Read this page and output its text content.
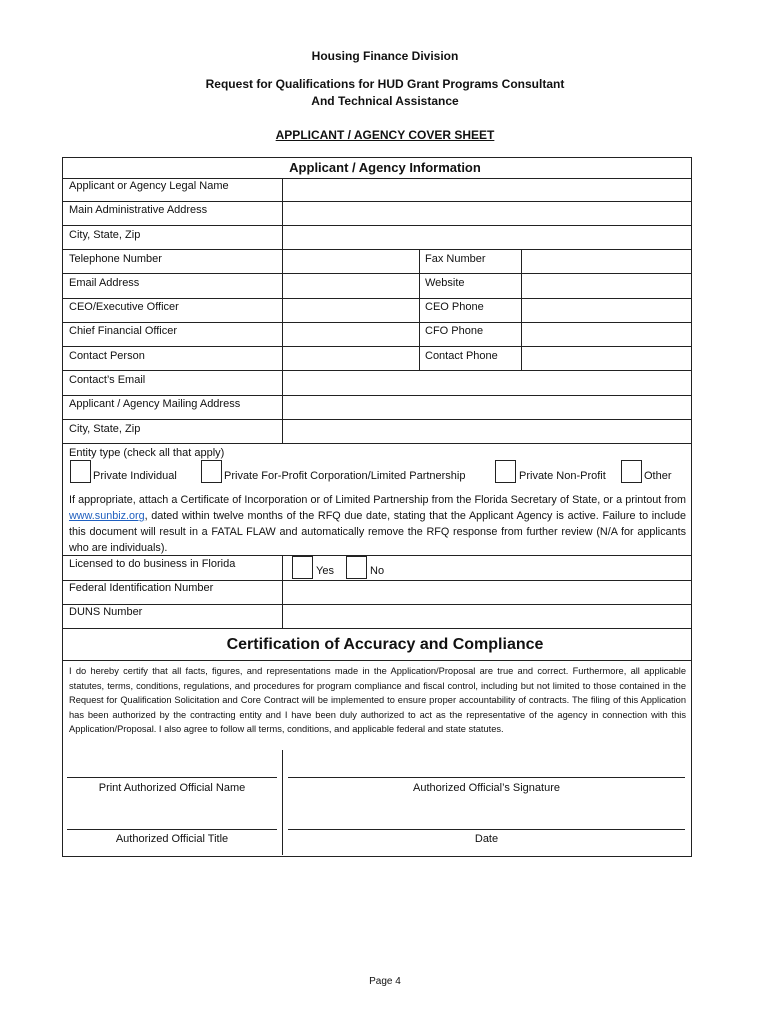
Housing Finance Division
Request for Qualifications for HUD Grant Programs Consultant
And Technical Assistance
APPLICANT / AGENCY COVER SHEET
Applicant / Agency Information
Applicant or Agency Legal Name
Main Administrative Address
City, State, Zip
Telephone Number	Fax Number
Email Address	Website
CEO/Executive Officer	CEO Phone
Chief Financial Officer	CFO Phone
Contact Person	Contact Phone
Contact’s Email
Applicant / Agency Mailing Address
City, State, Zip
Entity type (check all that apply)
Private Individual	Private For-Profit Corporation/Limited Partnership	Private Non-Profit	Other
If appropriate, attach a Certificate of Incorporation or of Limited Partnership from the Florida Secretary of State, or a printout from www.sunbiz.org, dated within twelve months of the RFQ due date, stating that the Applicant Agency is active. Failure to include this document will result in a FATAL FLAW and automatically remove the RFQ response from further review (N/A for applicants who are individuals).
Licensed to do business in Florida
Yes	No
Federal Identification Number
DUNS Number
Certification of Accuracy and Compliance
I do hereby certify that all facts, figures, and representations made in the Application/Proposal are true and correct. Furthermore, all applicable statutes, terms, conditions, regulations, and procedures for program compliance and fiscal control, including but not limited to those contained in the Request for Qualification Solicitation and Core Contract will be implemented to ensure proper accountability of contracts. The filing of this Application has been authorized by the contracting entity and I have been duly authorized to act as the representative of the agency in connection with this Application/Proposal. I also agree to follow all terms, conditions, and applicable federal and state statutes.
Print Authorized Official Name	Authorized Official’s Signature
Authorized Official Title	Date
Page 4
